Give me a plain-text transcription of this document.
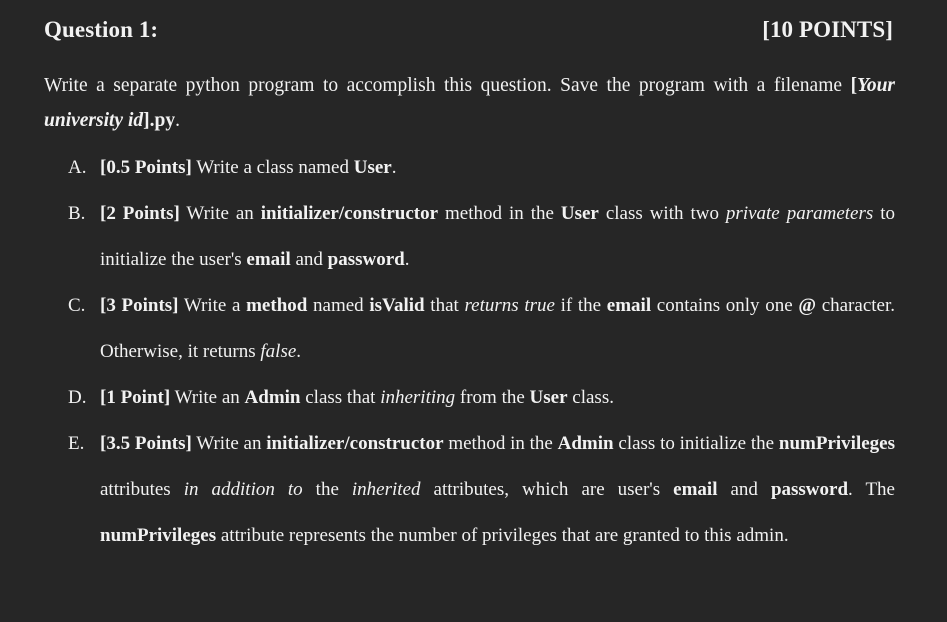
Question 1:	[10 POINTS]
Write a separate python program to accomplish this question. Save the program with a filename [Your university id].py.
A. [0.5 Points] Write a class named User.
B. [2 Points] Write an initializer/constructor method in the User class with two private parameters to initialize the user's email and password.
C. [3 Points] Write a method named isValid that returns true if the email contains only one @ character. Otherwise, it returns false.
D. [1 Point] Write an Admin class that inheriting from the User class.
E. [3.5 Points] Write an initializer/constructor method in the Admin class to initialize the numPrivileges attributes in addition to the inherited attributes, which are user's email and password. The numPrivileges attribute represents the number of privileges that are granted to this admin.
